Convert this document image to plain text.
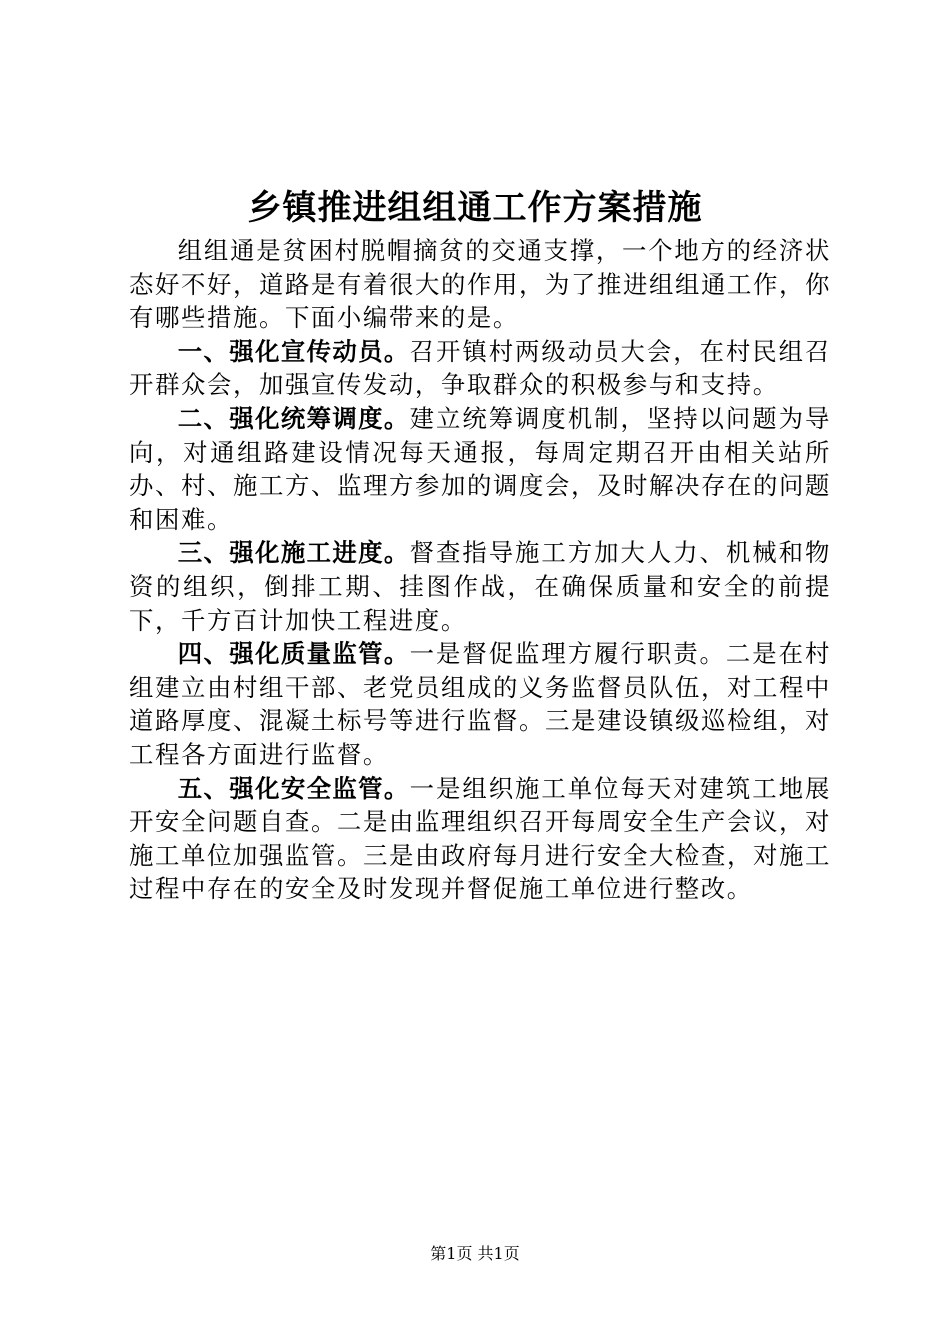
乡镇推进组组通工作方案措施

组组通是贫困村脱帽摘贫的交通支撑，一个地方的经济状态好不好，道路是有着很大的作用，为了推进组组通工作，你有哪些措施。下面小编带来的是。

一、强化宣传动员。召开镇村两级动员大会，在村民组召开群众会，加强宣传发动，争取群众的积极参与和支持。

二、强化统筹调度。建立统筹调度机制，坚持以问题为导向，对通组路建设情况每天通报，每周定期召开由相关站所办、村、施工方、监理方参加的调度会，及时解决存在的问题和困难。

三、强化施工进度。督查指导施工方加大人力、机械和物资的组织，倒排工期、挂图作战，在确保质量和安全的前提下，千方百计加快工程进度。

四、强化质量监管。一是督促监理方履行职责。二是在村组建立由村组干部、老党员组成的义务监督员队伍，对工程中道路厚度、混凝土标号等进行监督。三是建设镇级巡检组，对工程各方面进行监督。

五、强化安全监管。一是组织施工单位每天对建筑工地展开安全问题自查。二是由监理组织召开每周安全生产会议，对施工单位加强监管。三是由政府每月进行安全大检查，对施工过程中存在的安全及时发现并督促施工单位进行整改。

第1页 共1页
